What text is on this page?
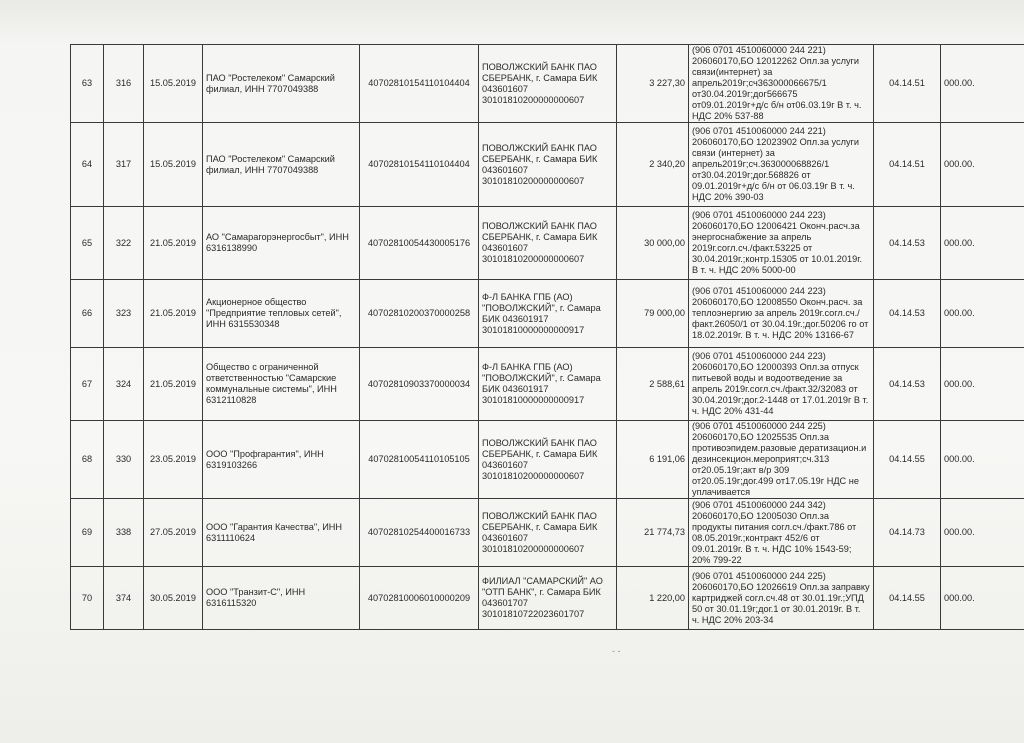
- -
63	316	15.05.2019	ПАО "Ростелеком" Самарский филиал, ИНН 7707049388	40702810154110104404	ПОВОЛЖСКИЙ БАНК ПАО СБЕРБАНК, г. Самара БИК 043601607 30101810200000000607	3 227,30	(906 0701 4510060000 244 221) 206060170,БО 12012262 Опл.за услуги связи(интернет) за апрель2019г;сч363000066675/1 от30.04.2019г;дог566675 от09.01.2019г+д/с б/н от06.03.19г В т. ч. НДС 20% 537-88	04.14.51	000.00.
64	317	15.05.2019	ПАО "Ростелеком" Самарский филиал, ИНН 7707049388	40702810154110104404	ПОВОЛЖСКИЙ БАНК ПАО СБЕРБАНК, г. Самара БИК 043601607 30101810200000000607	2 340,20	(906 0701 4510060000 244 221) 206060170,БО 12023902 Опл.за услуги связи (интернет) за апрель2019г;сч.363000068826/1 от30.04.2019г;дог.568826 от 09.01.2019г+д/с б/н от 06.03.19г В т. ч. НДС 20% 390-03	04.14.51	000.00.
65	322	21.05.2019	АО "Самарагорэнергосбыт", ИНН 6316138990	40702810054430005176	ПОВОЛЖСКИЙ БАНК ПАО СБЕРБАНК, г. Самара БИК 043601607 30101810200000000607	30 000,00	(906 0701 4510060000 244 223) 206060170,БО 12006421 Оконч.расч.за энергоснабжение за апрель 2019г.согл.сч./факт.53225 от 30.04.2019г.;контр.15305 от 10.01.2019г. В т. ч. НДС 20% 5000-00	04.14.53	000.00.
66	323	21.05.2019	Акционерное общество "Предприятие тепловых сетей", ИНН 6315530348	40702810200370000258	Ф-Л БАНКА ГПБ (АО) "ПОВОЛЖСКИЙ", г. Самара БИК 043601917 30101810000000000917	79 000,00	(906 0701 4510060000 244 223) 206060170,БО 12008550 Оконч.расч. за теплоэнергию за апрель 2019г.согл.сч./факт.26050/1 от 30.04.19г.;дог.50206 го от 18.02.2019г. В т. ч. НДС 20% 13166-67	04.14.53	000.00.
67	324	21.05.2019	Общество с ограниченной ответственностью "Самарские коммунальные системы", ИНН 6312110828	40702810903370000034	Ф-Л БАНКА ГПБ (АО) "ПОВОЛЖСКИЙ", г. Самара БИК 043601917 30101810000000000917	2 588,61	(906 0701 4510060000 244 223) 206060170,БО 12000393 Опл.за отпуск питьевой воды и водоотведение за апрель 2019г.согл.сч./факт.32/32083 от 30.04.2019г;дог.2-1448 от 17.01.2019г В т. ч. НДС 20% 431-44	04.14.53	000.00.
68	330	23.05.2019	ООО "Профгарантия", ИНН 6319103266	40702810054110105105	ПОВОЛЖСКИЙ БАНК ПАО СБЕРБАНК, г. Самара БИК 043601607 30101810200000000607	6 191,06	(906 0701 4510060000 244 225) 206060170,БО 12025535 Опл.за противоэпидем.разовые дератизацион.и дезинсекцион.мероприят;сч.313 от20.05.19г;акт в/р 309 от20.05.19г;дог.499 от17.05.19г НДС не уплачивается	04.14.55	000.00.
69	338	27.05.2019	ООО "Гарантия Качества", ИНН 6311110624	40702810254400016733	ПОВОЛЖСКИЙ БАНК ПАО СБЕРБАНК, г. Самара БИК 043601607 30101810200000000607	21 774,73	(906 0701 4510060000 244 342) 206060170,БО 12005030 Опл.за продукты питания согл.сч./факт.786 от 08.05.2019г.;контракт 452/6 от 09.01.2019г. В т. ч. НДС 10% 1543-59; 20% 799-22	04.14.73	000.00.
70	374	30.05.2019	ООО "Транзит-С", ИНН 6316115320	40702810006010000209	ФИЛИАЛ "САМАРСКИЙ" АО "ОТП БАНК", г. Самара БИК 043601707 30101810722023601707	1 220,00	(906 0701 4510060000 244 225) 206060170,БО 12026619 Опл.за заправку картриджей согл.сч.48 от 30.01.19г.;УПД 50 от 30.01.19г;дог.1 от 30.01.2019г. В т. ч. НДС 20% 203-34	04.14.55	000.00.
